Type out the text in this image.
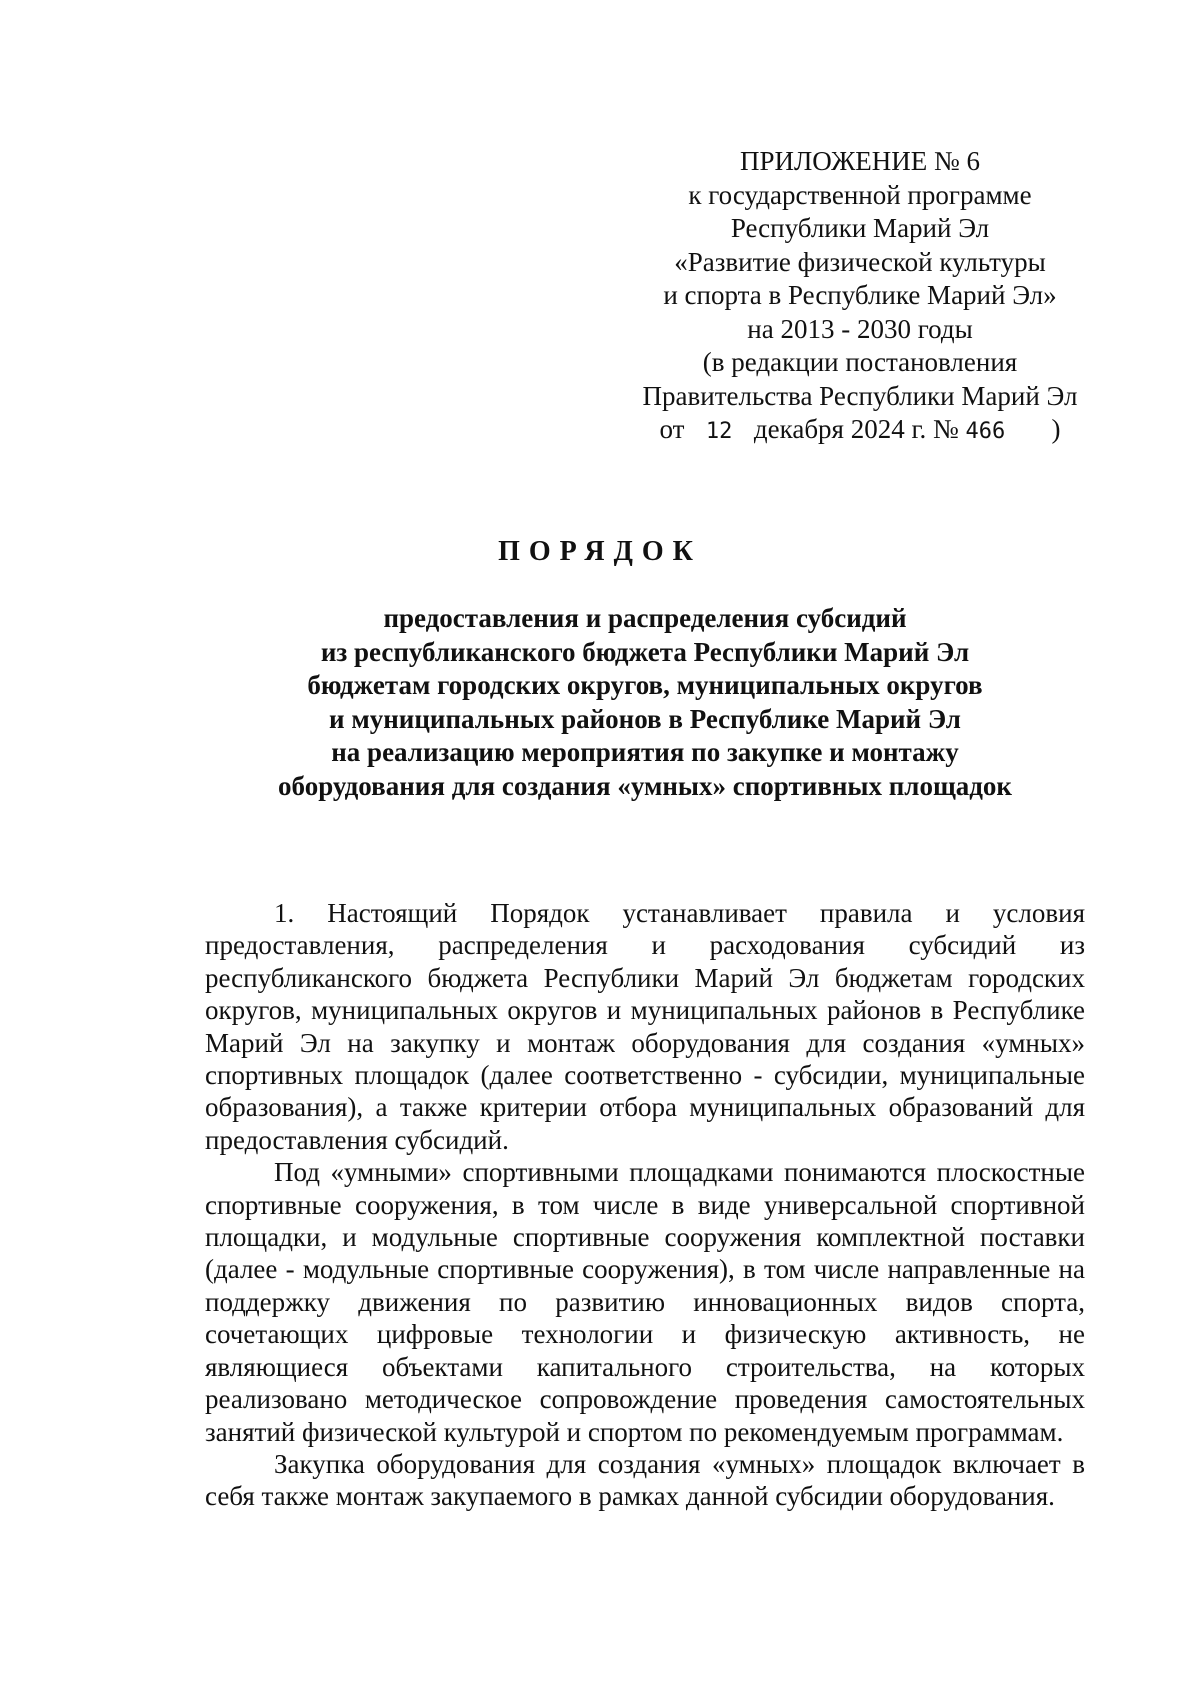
ПРИЛОЖЕНИЕ № 6
к государственной программе
Республики Марий Эл
«Развитие физической культуры
и спорта в Республике Марий Эл»
на 2013 - 2030 годы
(в редакции постановления
Правительства Республики Марий Эл
от 12 декабря 2024 г. № 466 )
ПОРЯДОК
предоставления и распределения субсидий
из республиканского бюджета Республики Марий Эл
бюджетам городских округов, муниципальных округов
и муниципальных районов в Республике Марий Эл
на реализацию мероприятия по закупке и монтажу
оборудования для создания «умных» спортивных площадок

1. Настоящий Порядок устанавливает правила и условия предоставления, распределения и расходования субсидий из республиканского бюджета Республики Марий Эл бюджетам городских округов, муниципальных округов и муниципальных районов в Республике Марий Эл на закупку и монтаж оборудования для создания «умных» спортивных площадок (далее соответственно - субсидии, муниципальные образования), а также критерии отбора муниципальных образований для предоставления субсидий.

Под «умными» спортивными площадками понимаются плоскостные спортивные сооружения, в том числе в виде универсальной спортивной площадки, и модульные спортивные сооружения комплектной поставки (далее - модульные спортивные сооружения), в том числе направленные на поддержку движения по развитию инновационных видов спорта, сочетающих цифровые технологии и физическую активность, не являющиеся объектами капитального строительства, на которых реализовано методическое сопровождение проведения самостоятельных занятий физической культурой и спортом по рекомендуемым программам.

Закупка оборудования для создания «умных» площадок включает в себя также монтаж закупаемого в рамках данной субсидии оборудования.
